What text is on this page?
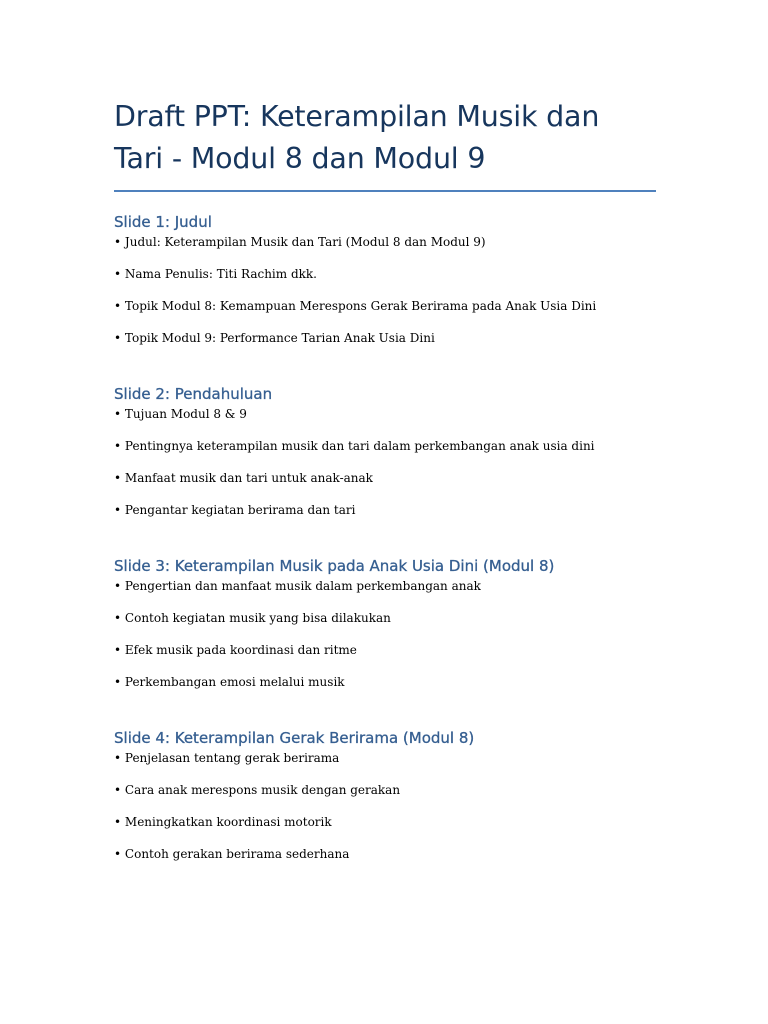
Draft PPT: Keterampilan Musik dan Tari - Modul 8 dan Modul 9
Slide 1: Judul
• Judul: Keterampilan Musik dan Tari (Modul 8 dan Modul 9)
• Nama Penulis: Titi Rachim dkk.
• Topik Modul 8: Kemampuan Merespons Gerak Berirama pada Anak Usia Dini
• Topik Modul 9: Performance Tarian Anak Usia Dini
Slide 2: Pendahuluan
• Tujuan Modul 8 & 9
• Pentingnya keterampilan musik dan tari dalam perkembangan anak usia dini
• Manfaat musik dan tari untuk anak-anak
• Pengantar kegiatan berirama dan tari
Slide 3: Keterampilan Musik pada Anak Usia Dini (Modul 8)
• Pengertian dan manfaat musik dalam perkembangan anak
• Contoh kegiatan musik yang bisa dilakukan
• Efek musik pada koordinasi dan ritme
• Perkembangan emosi melalui musik
Slide 4: Keterampilan Gerak Berirama (Modul 8)
• Penjelasan tentang gerak berirama
• Cara anak merespons musik dengan gerakan
• Meningkatkan koordinasi motorik
• Contoh gerakan berirama sederhana
